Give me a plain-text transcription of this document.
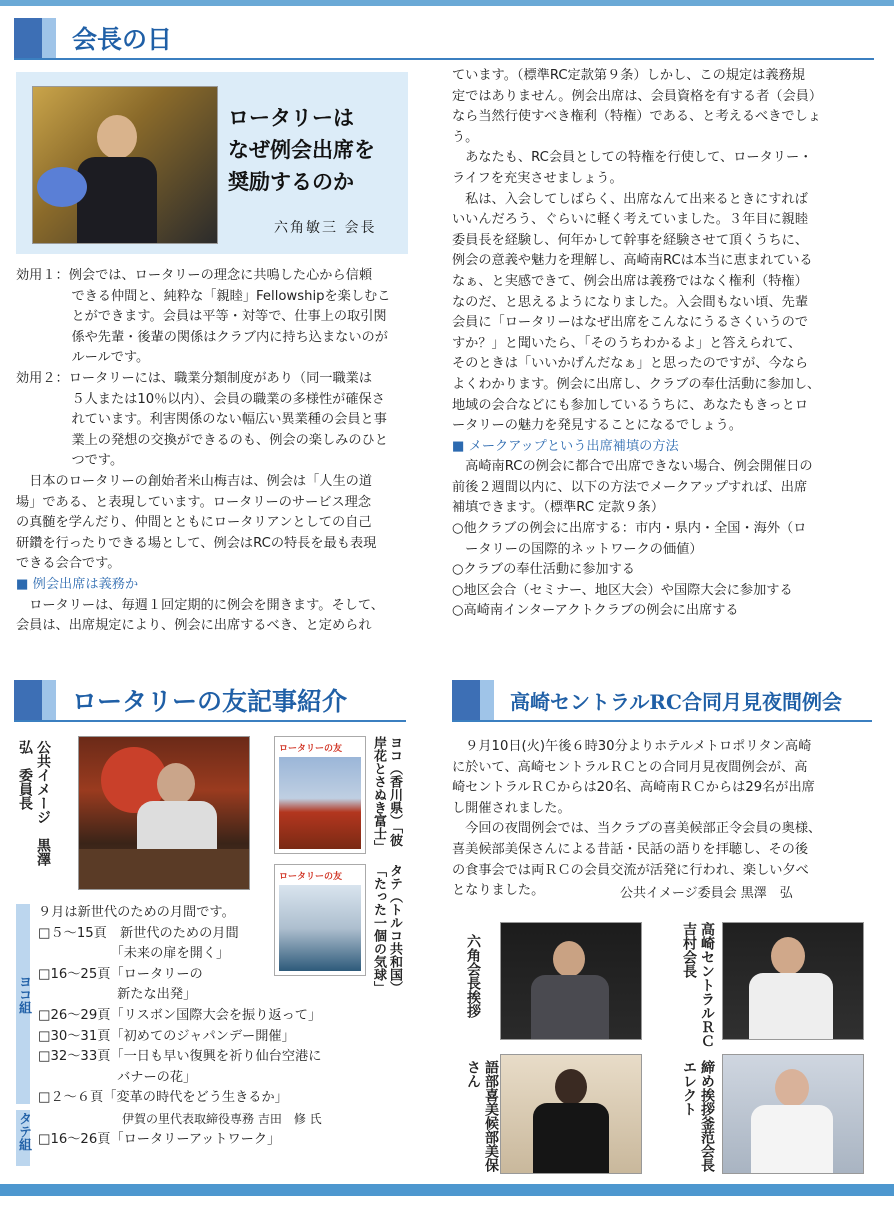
会長の日
ロータリーは
なぜ例会出席を
奨励するのか
六角敏三 会長
効用１：例会では、ロータリーの理念に共鳴した心から信頼
できる仲間と、純粋な「親睦」Fellowshipを楽しむこ
とができます。会員は平等・対等で、仕事上の取引関
係や先輩・後輩の関係はクラブ内に持ち込まないのが
ルールです。
効用２：ロータリーには、職業分類制度があり（同一職業は
５人または10％以内）、会員の職業の多様性が確保さ
れています。利害関係のない幅広い異業種の会員と事
業上の発想の交換ができるのも、例会の楽しみのひと
つです。
日本のロータリーの創始者米山梅吉は、例会は「人生の道
場」である、と表現しています。ロータリーのサービス理念
の真髄を学んだり、仲間とともにロータリアンとしての自己
研鑽を行ったりできる場として、例会はRCの特長を最も表現
できる会合です。
■ 例会出席は義務か
ロータリーは、毎週１回定期的に例会を開きます。そして、
会員は、出席規定により、例会に出席するべき、と定められ
ています。（標準RC定款第９条）しかし、この規定は義務規
定ではありません。例会出席は、会員資格を有する者（会員）
なら当然行使すべき権利（特権）である、と考えるべきでしょ
う。
　あなたも、RC会員としての特権を行使して、ロータリー・
ライフを充実させましょう。
　私は、入会してしばらく、出席なんて出来るときにすれば
いいんだろう、ぐらいに軽く考えていました。３年目に親睦
委員長を経験し、何年かして幹事を経験させて頂くうちに、
例会の意義や魅力を理解し、高崎南RCは本当に恵まれている
なぁ、と実感できて、例会出席は義務ではなく権利（特権）
なのだ、と思えるようになりました。入会間もない頃、先輩
会員に「ロータリーはなぜ出席をこんなにうるさくいうので
すか？」と聞いたら、「そのうちわかるよ」と答えられて、
そのときは「いいかげんだなぁ」と思ったのですが、今なら
よくわかります。例会に出席し、クラブの奉仕活動に参加し、
地域の会合などにも参加しているうちに、あなたもきっとロ
ータリーの魅力を発見することになるでしょう。
■ メークアップという出席補填の方法
　高崎南RCの例会に都合で出席できない場合、例会開催日の
前後２週間以内に、以下の方法でメークアップすれば、出席
補填できます。（標準RC 定款９条）
○他クラブの例会に出席する：市内・県内・全国・海外（ロ
　ータリーの国際的ネットワークの価値）
○クラブの奉仕活動に参加する
○地区会合（セミナー、地区大会）や国際大会に参加する
○高崎南インターアクトクラブの例会に出席する
ロータリーの友記事紹介	高崎セントラルRC合同月見夜間例会
公共イメージ　黒澤　弘　委員長	ロータリーの友	ヨコ（香川県）「彼岸花とさぬき富士」
ロータリーの友	タテ（トルコ共和国）「たった一個の気球」
ヨコ組
タテ組
９月は新世代のための月間です。
□５～15頁　新世代のための月間
　　　　　　「未来の扉を開く」
□16～25頁「ロータリーの
　　　　　　新たな出発」
□26～29頁「リスボン国際大会を振り返って」
□30～31頁「初めてのジャパンデー開催」
□32～33頁「一日も早い復興を祈り仙台空港に
　　　　　　バナーの花」
□２～６頁「変革の時代をどう生きるか」
　　　　　　　伊賀の里代表取締役専務 吉田　修 氏
□16～26頁「ロータリーアットワーク」
　９月10日(火)午後６時30分よりホテルメトロポリタン高崎
に於いて、高崎セントラルＲＣとの合同月見夜間例会が、高
崎セントラルＲＣからは20名、高崎南ＲＣからは29名が出席
し開催されました。
　今回の夜間例会では、当クラブの喜美候部正令会員の奥様、
喜美候部美保さんによる昔話・民話の語りを拝聴し、その後
の食事会では両ＲＣの会員交流が活発に行われ、楽しい夕べ
となりました。	公共イメージ委員会 黒澤　弘
六角会長挨拶	高崎セントラルＲＣ吉村会長
語部喜美候部美保さん	締め挨拶釜范会長エレクト
